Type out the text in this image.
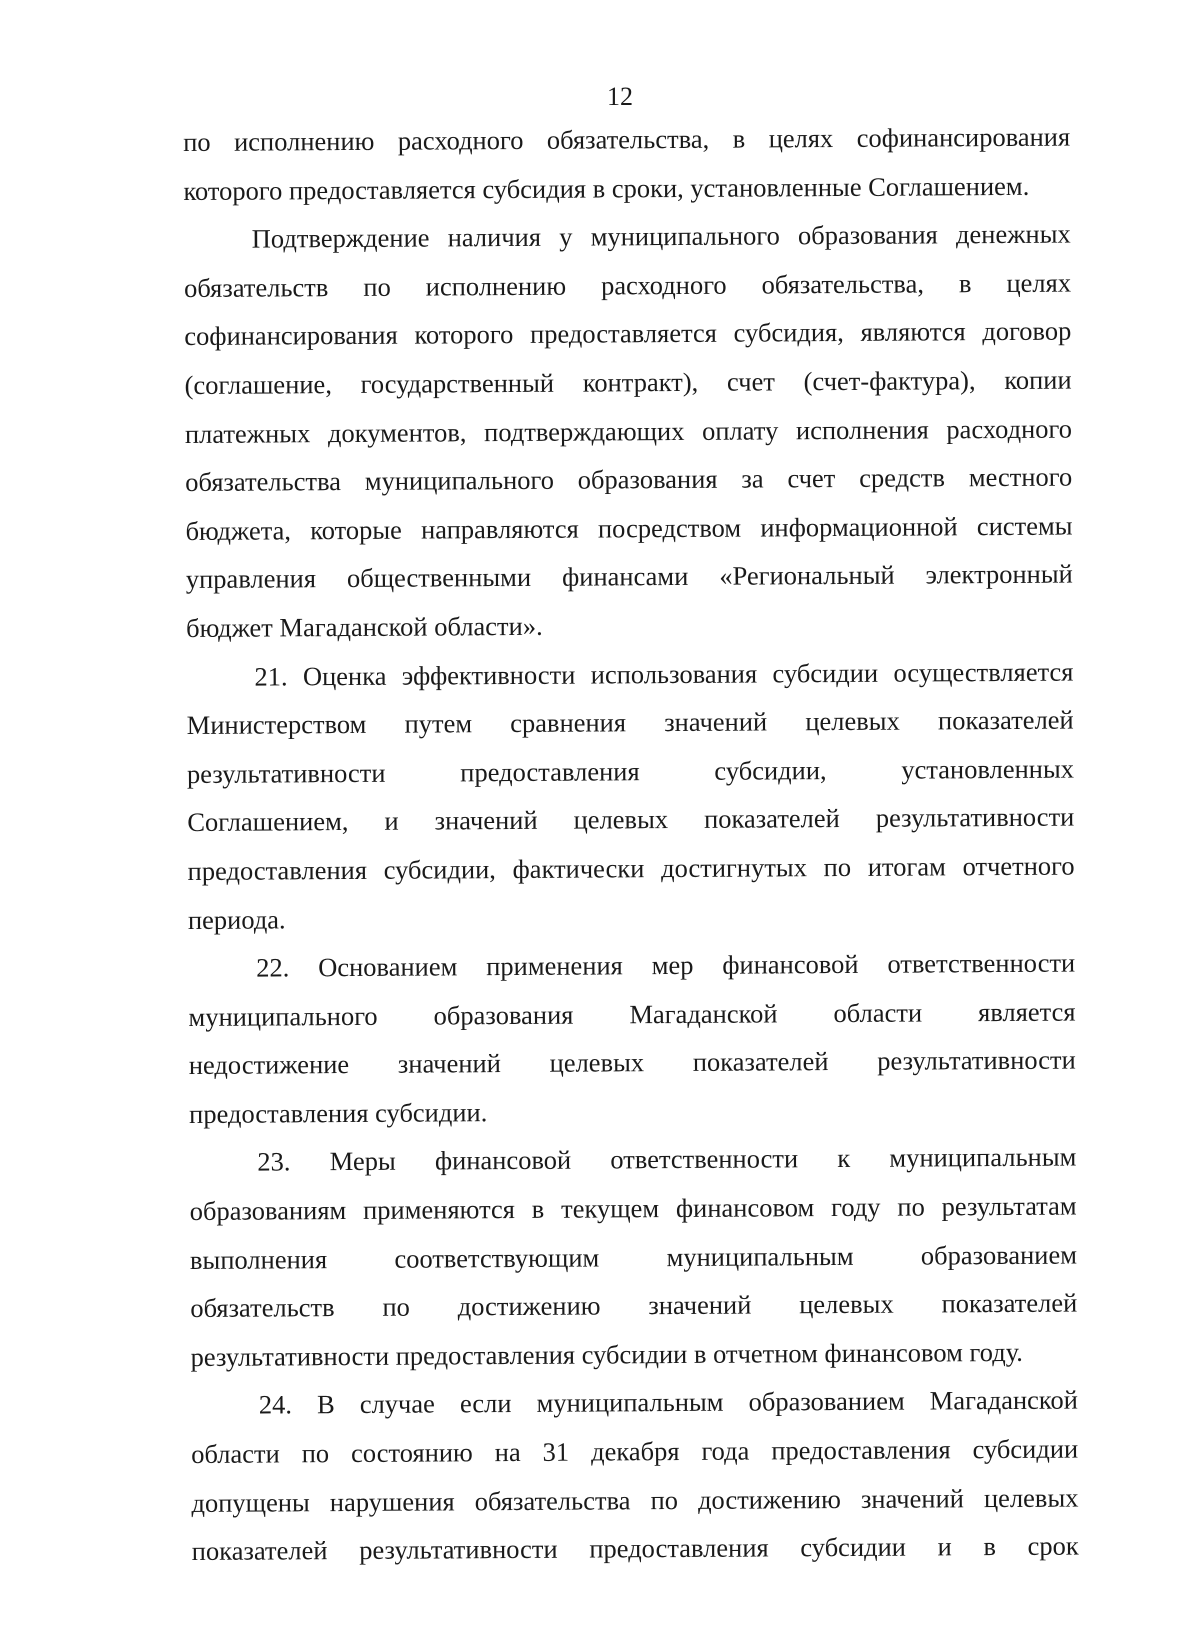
12
по исполнению расходного обязательства, в целях софинансирования
которого предоставляется субсидия в сроки, установленные Соглашением.
Подтверждение наличия у муниципального образования денежных
обязательств по исполнению расходного обязательства, в целях
софинансирования которого предоставляется субсидия, являются договор
(соглашение, государственный контракт), счет (счет-фактура), копии
платежных документов, подтверждающих оплату исполнения расходного
обязательства муниципального образования за счет средств местного
бюджета, которые направляются посредством информационной системы
управления общественными финансами «Региональный электронный
бюджет Магаданской области».
21. Оценка эффективности использования субсидии осуществляется
Министерством путем сравнения значений целевых показателей
результативности предоставления субсидии, установленных
Соглашением, и значений целевых показателей результативности
предоставления субсидии, фактически достигнутых по итогам отчетного
периода.
22. Основанием применения мер финансовой ответственности
муниципального образования Магаданской области является
недостижение значений целевых показателей результативности
предоставления субсидии.
23. Меры финансовой ответственности к муниципальным
образованиям применяются в текущем финансовом году по результатам
выполнения соответствующим муниципальным образованием
обязательств по достижению значений целевых показателей
результативности предоставления субсидии в отчетном финансовом году.
24. В случае если муниципальным образованием Магаданской
области по состоянию на 31 декабря года предоставления субсидии
допущены нарушения обязательства по достижению значений целевых
показателей результативности предоставления субсидии и в срок
